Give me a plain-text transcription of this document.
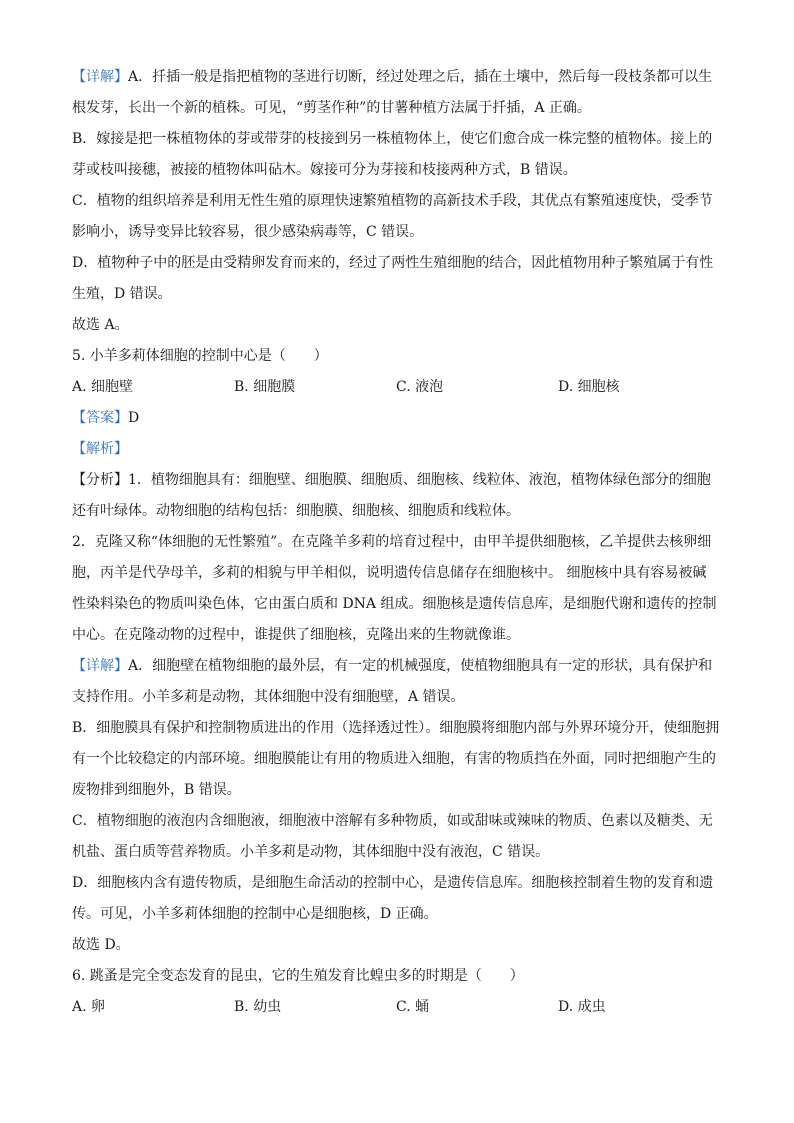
【详解】A．扦插一般是指把植物的茎进行切断，经过处理之后，插在土壤中，然后每一段枝条都可以生
根发芽，长出一个新的植株。可见，“剪茎作种”的甘薯种植方法属于扦插，A 正确。
B．嫁接是把一株植物体的芽或带芽的枝接到另一株植物体上，使它们愈合成一株完整的植物体。接上的
芽或枝叫接穗，被接的植物体叫砧木。嫁接可分为芽接和枝接两种方式，B 错误。
C．植物的组织培养是利用无性生殖的原理快速繁殖植物的高新技术手段，其优点有繁殖速度快，受季节
影响小，诱导变异比较容易，很少感染病毒等，C 错误。
D．植物种子中的胚是由受精卵发育而来的，经过了两性生殖细胞的结合，因此植物用种子繁殖属于有性
生殖，D 错误。
故选 A。
5. 小羊多莉体细胞的控制中心是（　　）
A. 细胞壁	B. 细胞膜	C. 液泡	D. 细胞核
【答案】D
【解析】
【分析】1．植物细胞具有：细胞壁、细胞膜、细胞质、细胞核、线粒体、液泡，植物体绿色部分的细胞
还有叶绿体。动物细胞的结构包括：细胞膜、细胞核、细胞质和线粒体。
2．克隆又称“体细胞的无性繁殖”。在克隆羊多莉的培育过程中，由甲羊提供细胞核，乙羊提供去核卵细
胞，丙羊是代孕母羊，多莉的相貌与甲羊相似，说明遗传信息储存在细胞核中。 细胞核中具有容易被碱
性染料染色的物质叫染色体，它由蛋白质和 DNA 组成。细胞核是遗传信息库，是细胞代谢和遗传的控制
中心。在克隆动物的过程中，谁提供了细胞核，克隆出来的生物就像谁。
【详解】A．细胞壁在植物细胞的最外层，有一定的机械强度，使植物细胞具有一定的形状，具有保护和
支持作用。小羊多莉是动物，其体细胞中没有细胞壁，A 错误。
B．细胞膜具有保护和控制物质进出的作用（选择透过性）。细胞膜将细胞内部与外界环境分开，使细胞拥
有一个比较稳定的内部环境。细胞膜能让有用的物质进入细胞，有害的物质挡在外面，同时把细胞产生的
废物排到细胞外，B 错误。
C．植物细胞的液泡内含细胞液，细胞液中溶解有多种物质，如或甜味或辣味的物质、色素以及糖类、无
机盐、蛋白质等营养物质。小羊多莉是动物，其体细胞中没有液泡，C 错误。
D．细胞核内含有遗传物质，是细胞生命活动的控制中心，是遗传信息库。细胞核控制着生物的发育和遗
传。可见，小羊多莉体细胞的控制中心是细胞核，D 正确。
故选 D。
6. 跳蚤是完全变态发育的昆虫，它的生殖发育比蝗虫多的时期是（　　）
A. 卵	B. 幼虫	C. 蛹	D. 成虫
